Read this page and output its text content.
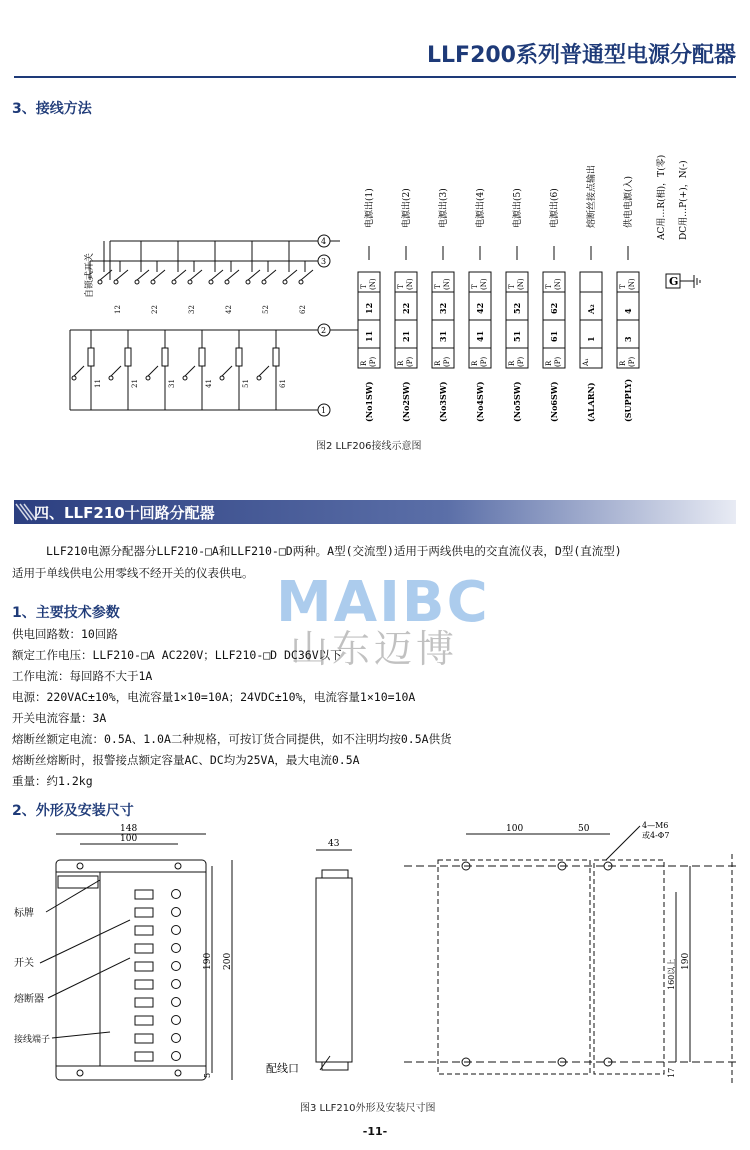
LLF200系列普通型电源分配器
3、接线方法
12	22	32	42	52	62
11	21	31	41	51	61
4
3
2
1
电源出(1)
T (N)
12
11
R (P)
(No1SW)
电源出(2)
T (N)
22
21
R (P)
(No2SW)
电源出(3)
T (N)
32
31
R (P)
(No3SW)
电源出(4)
T (N)
42
41
R (P)
(No4SW)
电源出(5)
T (N)
52
51
R (P)
(No5SW)
电源出(6)
T (N)
62
61
R (P)
(No6SW)
熔断丝接点输出
A₂
1
A₁
(ALARN)
供电电源(入)
T (N)
4
3
R (P)
(SUPPLY)
自锁式开关
AC用…R(相)，T(零) DC用…P(+)，N(-)
G
图2 LLF206接线示意图
四、LLF210十回路分配器
LLF210电源分配器分LLF210-□A和LLF210-□D两种。A型(交流型)适用于两线供电的交直流仪表，D型(直流型)
适用于单线供电公用零线不经开关的仪表供电。 MAIBC
山东迈博
1、主要技术参数
供电回路数：10回路
额定工作电压：LLF210-□A AC220V；LLF210-□D DC36V以下
工作电流：每回路不大于1A
电源：220VAC±10%，电流容量1×10=10A；24VDC±10%，电流容量1×10=10A
开关电流容量：3A
熔断丝额定电流：0.5A、1.0A二种规格，可按订货合同提供，如不注明均按0.5A供货
熔断丝熔断时，报警接点额定容量AC、DC均为25VA，最大电流0.5A
重量：约1.2kg
2、外形及安装尺寸
标牌
开关
熔断器
接线端子
148
100
190 200
5
43
配线口
100	50	4—M6
或4-Φ7
190
160以上
17
图3 LLF210外形及安装尺寸图
-11-
